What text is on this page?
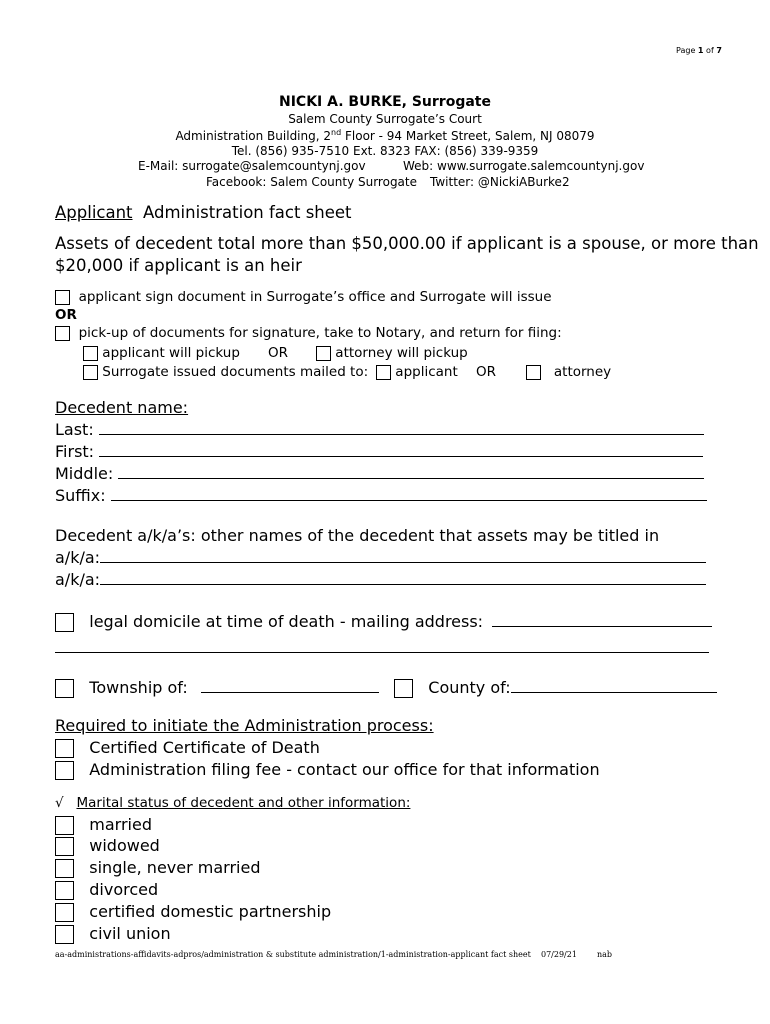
Page 1 of 7
NICKI A. BURKE, Surrogate
Salem County Surrogate’s Court
Administration Building, 2nd Floor - 94 Market Street, Salem, NJ 08079
Tel. (856) 935-7510 Ext. 8323 FAX: (856) 339-9359
E-Mail: surrogate@salemcountynj.gov	Web: www.surrogate.salemcountynj.gov
Facebook: Salem County Surrogate Twitter: @NickiABurke2
Applicant Administration fact sheet
Assets of decedent total more than $50,000.00 if applicant is a spouse, or more than
$20,000 if applicant is an heir
applicant sign document in Surrogate’s office and Surrogate will issue
OR
pick-up of documents for signature, take to Notary, and return for fiing:
applicant will pickup OR	attorney will pickup
Surrogate issued documents mailed to:	applicant OR	attorney
Decedent name:
Last:
First:
Middle:
Suffix:
Decedent a/k/a’s: other names of the decedent that assets may be titled in
a/k/a:
a/k/a:
legal domicile at time of death - mailing address:
Township of:	County of:
Required to initiate the Administration process:
Certified Certificate of Death
Administration filing fee - contact our office for that information
√ Marital status of decedent and other information:
married
widowed
single, never married
divorced
certified domestic partnership
civil union
aa-administrations-affidavits-adpros/administration & substitute administration/1-administration-applicant fact sheet 07/29/21	nab
